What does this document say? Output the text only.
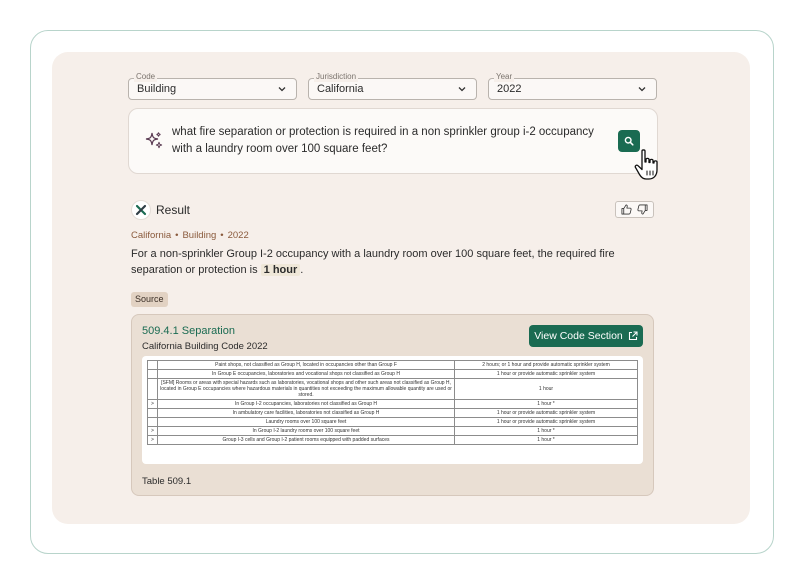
Code
Building
Jurisdiction
California
Year
2022
what fire separation or protection is required in a non sprinkler group i-2 occupancy with a laundry room over 100 square feet?
Result
California • Building • 2022
For a non-sprinkler Group I-2 occupancy with a laundry room over 100 square feet, the required fire separation or protection is 1 hour .
Source
509.4.1 Separation
California Building Code 2022
View Code Section
	Paint shops, not classified as Group H, located in occupancies other than Group F	2 hours; or 1 hour and provide automatic sprinkler system
	In Group E occupancies, laboratories and vocational shops not classified as Group H	1 hour or provide automatic sprinkler system
	[SFM] Rooms or areas with special hazards such as laboratories, vocational shops and other such areas not classified as Group H, located in Group E occupancies where hazardous materials in quantities not exceeding the maximum allowable quantity are used or stored.	1 hour
>	In Group I-2 occupancies, laboratories not classified as Group H	1 hour *
	In ambulatory care facilities, laboratories not classified as Group H	1 hour or provide automatic sprinkler system
	Laundry rooms over 100 square feet	1 hour or provide automatic sprinkler system
>	In Group I-2 laundry rooms over 100 square feet	1 hour *
>	Group I-3 cells and Group I-2 patient rooms equipped with padded surfaces	1 hour *
Table 509.1
